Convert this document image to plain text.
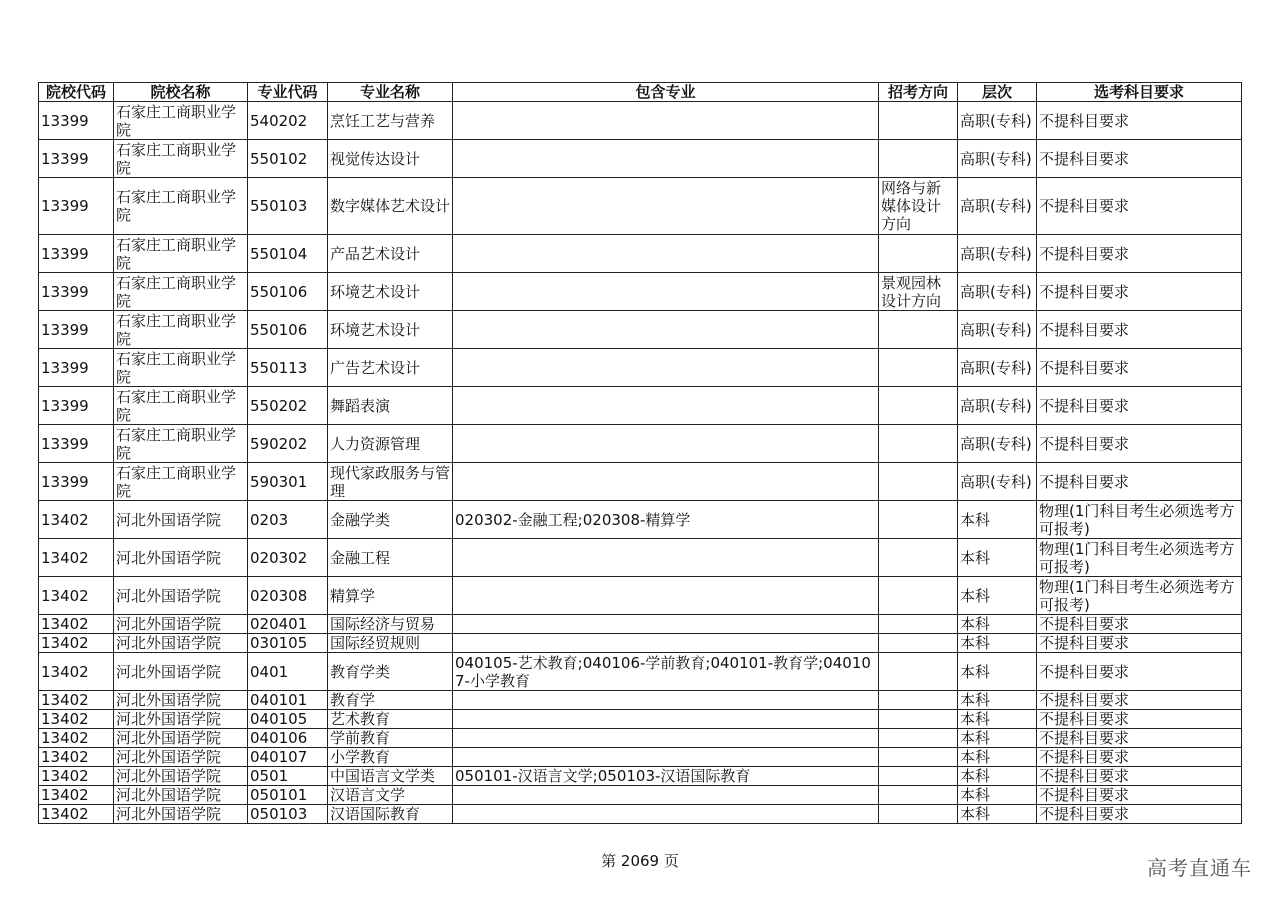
院校代码	院校名称	专业代码	专业名称	包含专业	招考方向	层次	选考科目要求
13399	石家庄工商职业学院	540202	烹饪工艺与营养			高职(专科)	不提科目要求
13399	石家庄工商职业学院	550102	视觉传达设计			高职(专科)	不提科目要求
13399	石家庄工商职业学院	550103	数字媒体艺术设计		网络与新媒体设计方向	高职(专科)	不提科目要求
13399	石家庄工商职业学院	550104	产品艺术设计			高职(专科)	不提科目要求
13399	石家庄工商职业学院	550106	环境艺术设计		景观园林设计方向	高职(专科)	不提科目要求
13399	石家庄工商职业学院	550106	环境艺术设计			高职(专科)	不提科目要求
13399	石家庄工商职业学院	550113	广告艺术设计			高职(专科)	不提科目要求
13399	石家庄工商职业学院	550202	舞蹈表演			高职(专科)	不提科目要求
13399	石家庄工商职业学院	590202	人力资源管理			高职(专科)	不提科目要求
13399	石家庄工商职业学院	590301	现代家政服务与管理			高职(专科)	不提科目要求
13402	河北外国语学院	0203	金融学类	020302-金融工程;020308-精算学		本科	物理(1门科目考生必须选考方可报考)
13402	河北外国语学院	020302	金融工程			本科	物理(1门科目考生必须选考方可报考)
13402	河北外国语学院	020308	精算学			本科	物理(1门科目考生必须选考方可报考)
13402	河北外国语学院	020401	国际经济与贸易			本科	不提科目要求
13402	河北外国语学院	030105	国际经贸规则			本科	不提科目要求
13402	河北外国语学院	0401	教育学类	040105-艺术教育;040106-学前教育;040101-教育学;040107-小学教育		本科	不提科目要求
13402	河北外国语学院	040101	教育学			本科	不提科目要求
13402	河北外国语学院	040105	艺术教育			本科	不提科目要求
13402	河北外国语学院	040106	学前教育			本科	不提科目要求
13402	河北外国语学院	040107	小学教育			本科	不提科目要求
13402	河北外国语学院	0501	中国语言文学类	050101-汉语言文学;050103-汉语国际教育		本科	不提科目要求
13402	河北外国语学院	050101	汉语言文学			本科	不提科目要求
13402	河北外国语学院	050103	汉语国际教育			本科	不提科目要求
第 2069 页	高考直通车
